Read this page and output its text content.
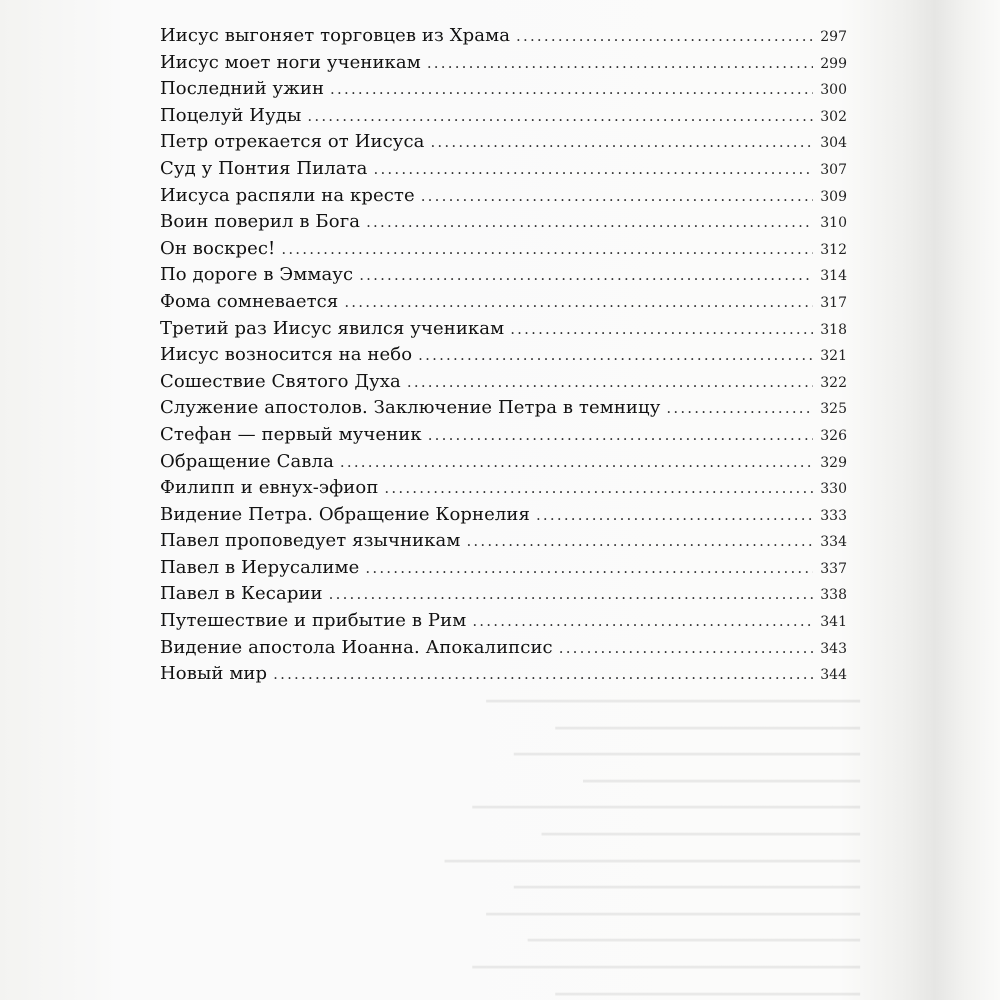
▁▁▁▁▁▁▁▁▁▁▁▁▁▁▁▁▁▁▁▁▁▁▁▁▁▁▁
▁▁▁▁▁▁▁▁▁▁▁▁▁▁▁▁▁▁▁▁▁▁
▁▁▁▁▁▁▁▁▁▁▁▁▁▁▁▁▁▁▁▁▁▁▁▁▁
▁▁▁▁▁▁▁▁▁▁▁▁▁▁▁▁▁▁▁▁
▁▁▁▁▁▁▁▁▁▁▁▁▁▁▁▁▁▁▁▁▁▁▁▁▁▁▁▁
▁▁▁▁▁▁▁▁▁▁▁▁▁▁▁▁▁▁▁▁▁▁▁
▁▁▁▁▁▁▁▁▁▁▁▁▁▁▁▁▁▁▁▁▁▁▁▁▁▁▁▁▁▁
▁▁▁▁▁▁▁▁▁▁▁▁▁▁▁▁▁▁▁▁▁▁▁▁▁
▁▁▁▁▁▁▁▁▁▁▁▁▁▁▁▁▁▁▁▁▁▁▁▁▁▁▁
▁▁▁▁▁▁▁▁▁▁▁▁▁▁▁▁▁▁▁▁▁▁▁▁
▁▁▁▁▁▁▁▁▁▁▁▁▁▁▁▁▁▁▁▁▁▁▁▁▁▁▁▁
▁▁▁▁▁▁▁▁▁▁▁▁▁▁▁▁▁▁▁▁▁▁
Иисус выгоняет торговцев из Храма .....	297
Иисус моет ноги ученикам .....	299
Последний ужин .....	300
Поцелуй Иуды .....	302
Петр отрекается от Иисуса .....	304
Суд у Понтия Пилата .....	307
Иисуса распяли на кресте .....	309
Воин поверил в Бога .....	310
Он воскрес! .....	312
По дороге в Эммаус .....	314
Фома сомневается .....	317
Третий раз Иисус явился ученикам .....	318
Иисус возносится на небо .....	321
Сошествие Святого Духа .....	322
Служение апостолов. Заключение Петра в темницу .....	325
Стефан — первый мученик .....	326
Обращение Савла .....	329
Филипп и евнух-эфиоп .....	330
Видение Петра. Обращение Корнелия .....	333
Павел проповедует язычникам .....	334
Павел в Иерусалиме .....	337
Павел в Кесарии .....	338
Путешествие и прибытие в Рим .....	341
Видение апостола Иоанна. Апокалипсис .....	343
Новый мир .....	344
